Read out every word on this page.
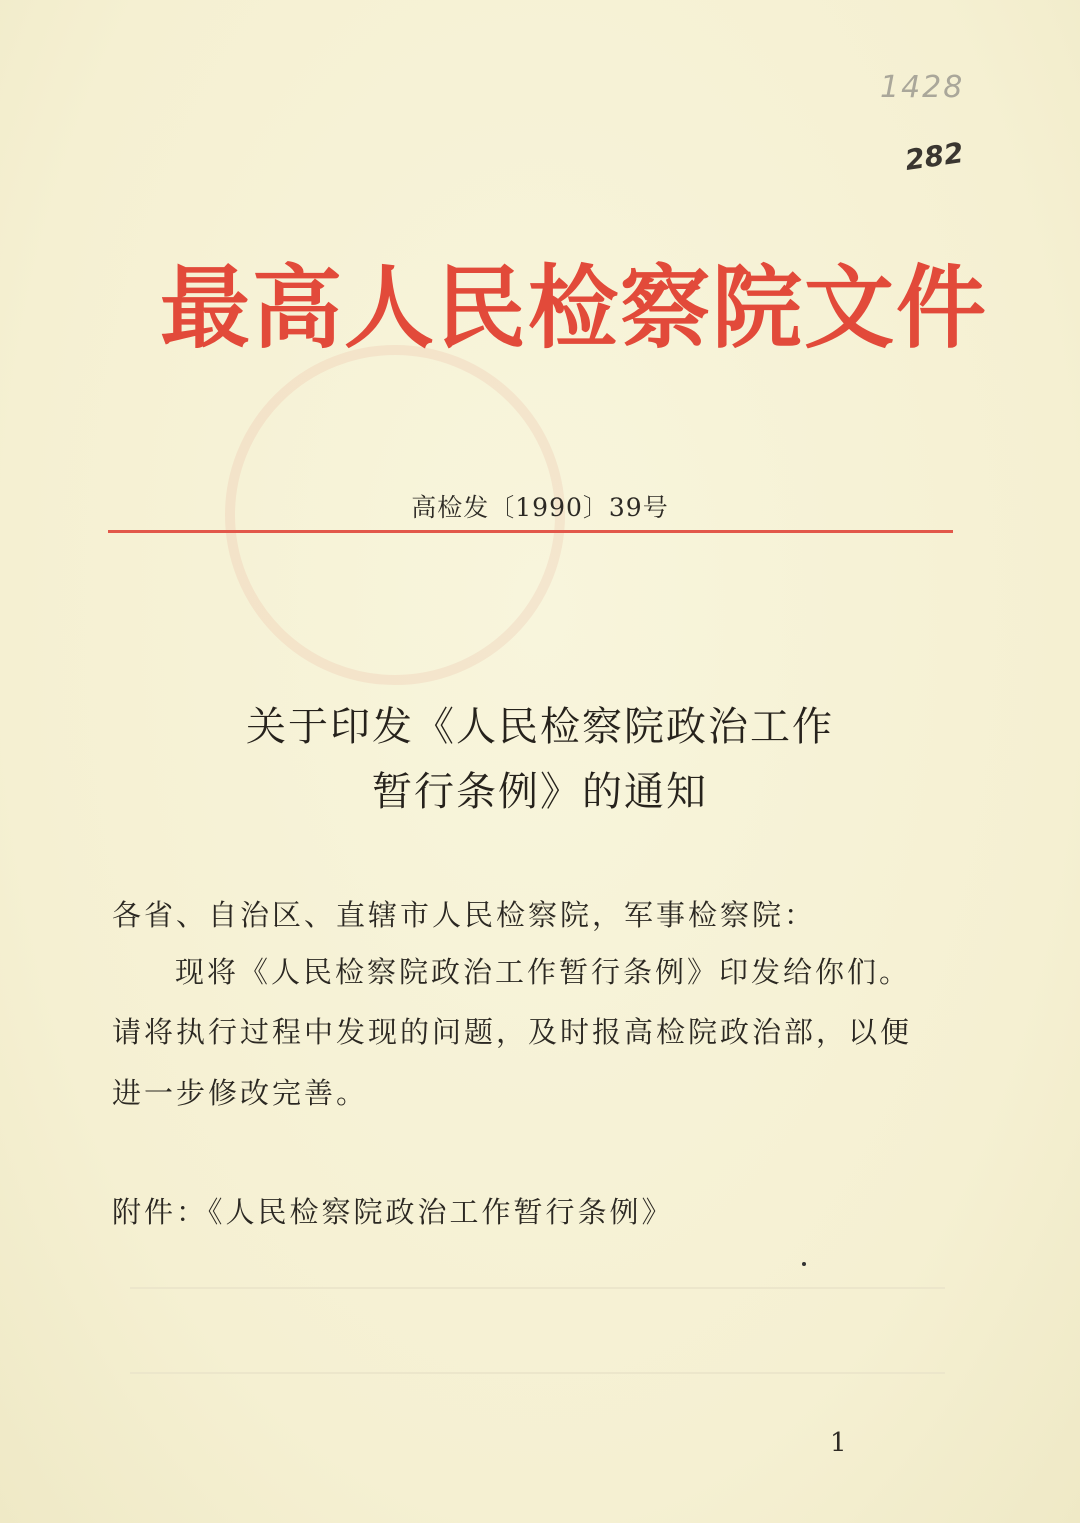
1428
282
最高人民检察院文件
高检发〔1990〕39号
关于印发《人民检察院政治工作
暂行条例》的通知
各省、自治区、直辖市人民检察院，军事检察院：
现将《人民检察院政治工作暂行条例》印发给你们。
请将执行过程中发现的问题，及时报高检院政治部，以便
进一步修改完善。
附件：《人民检察院政治工作暂行条例》
1
